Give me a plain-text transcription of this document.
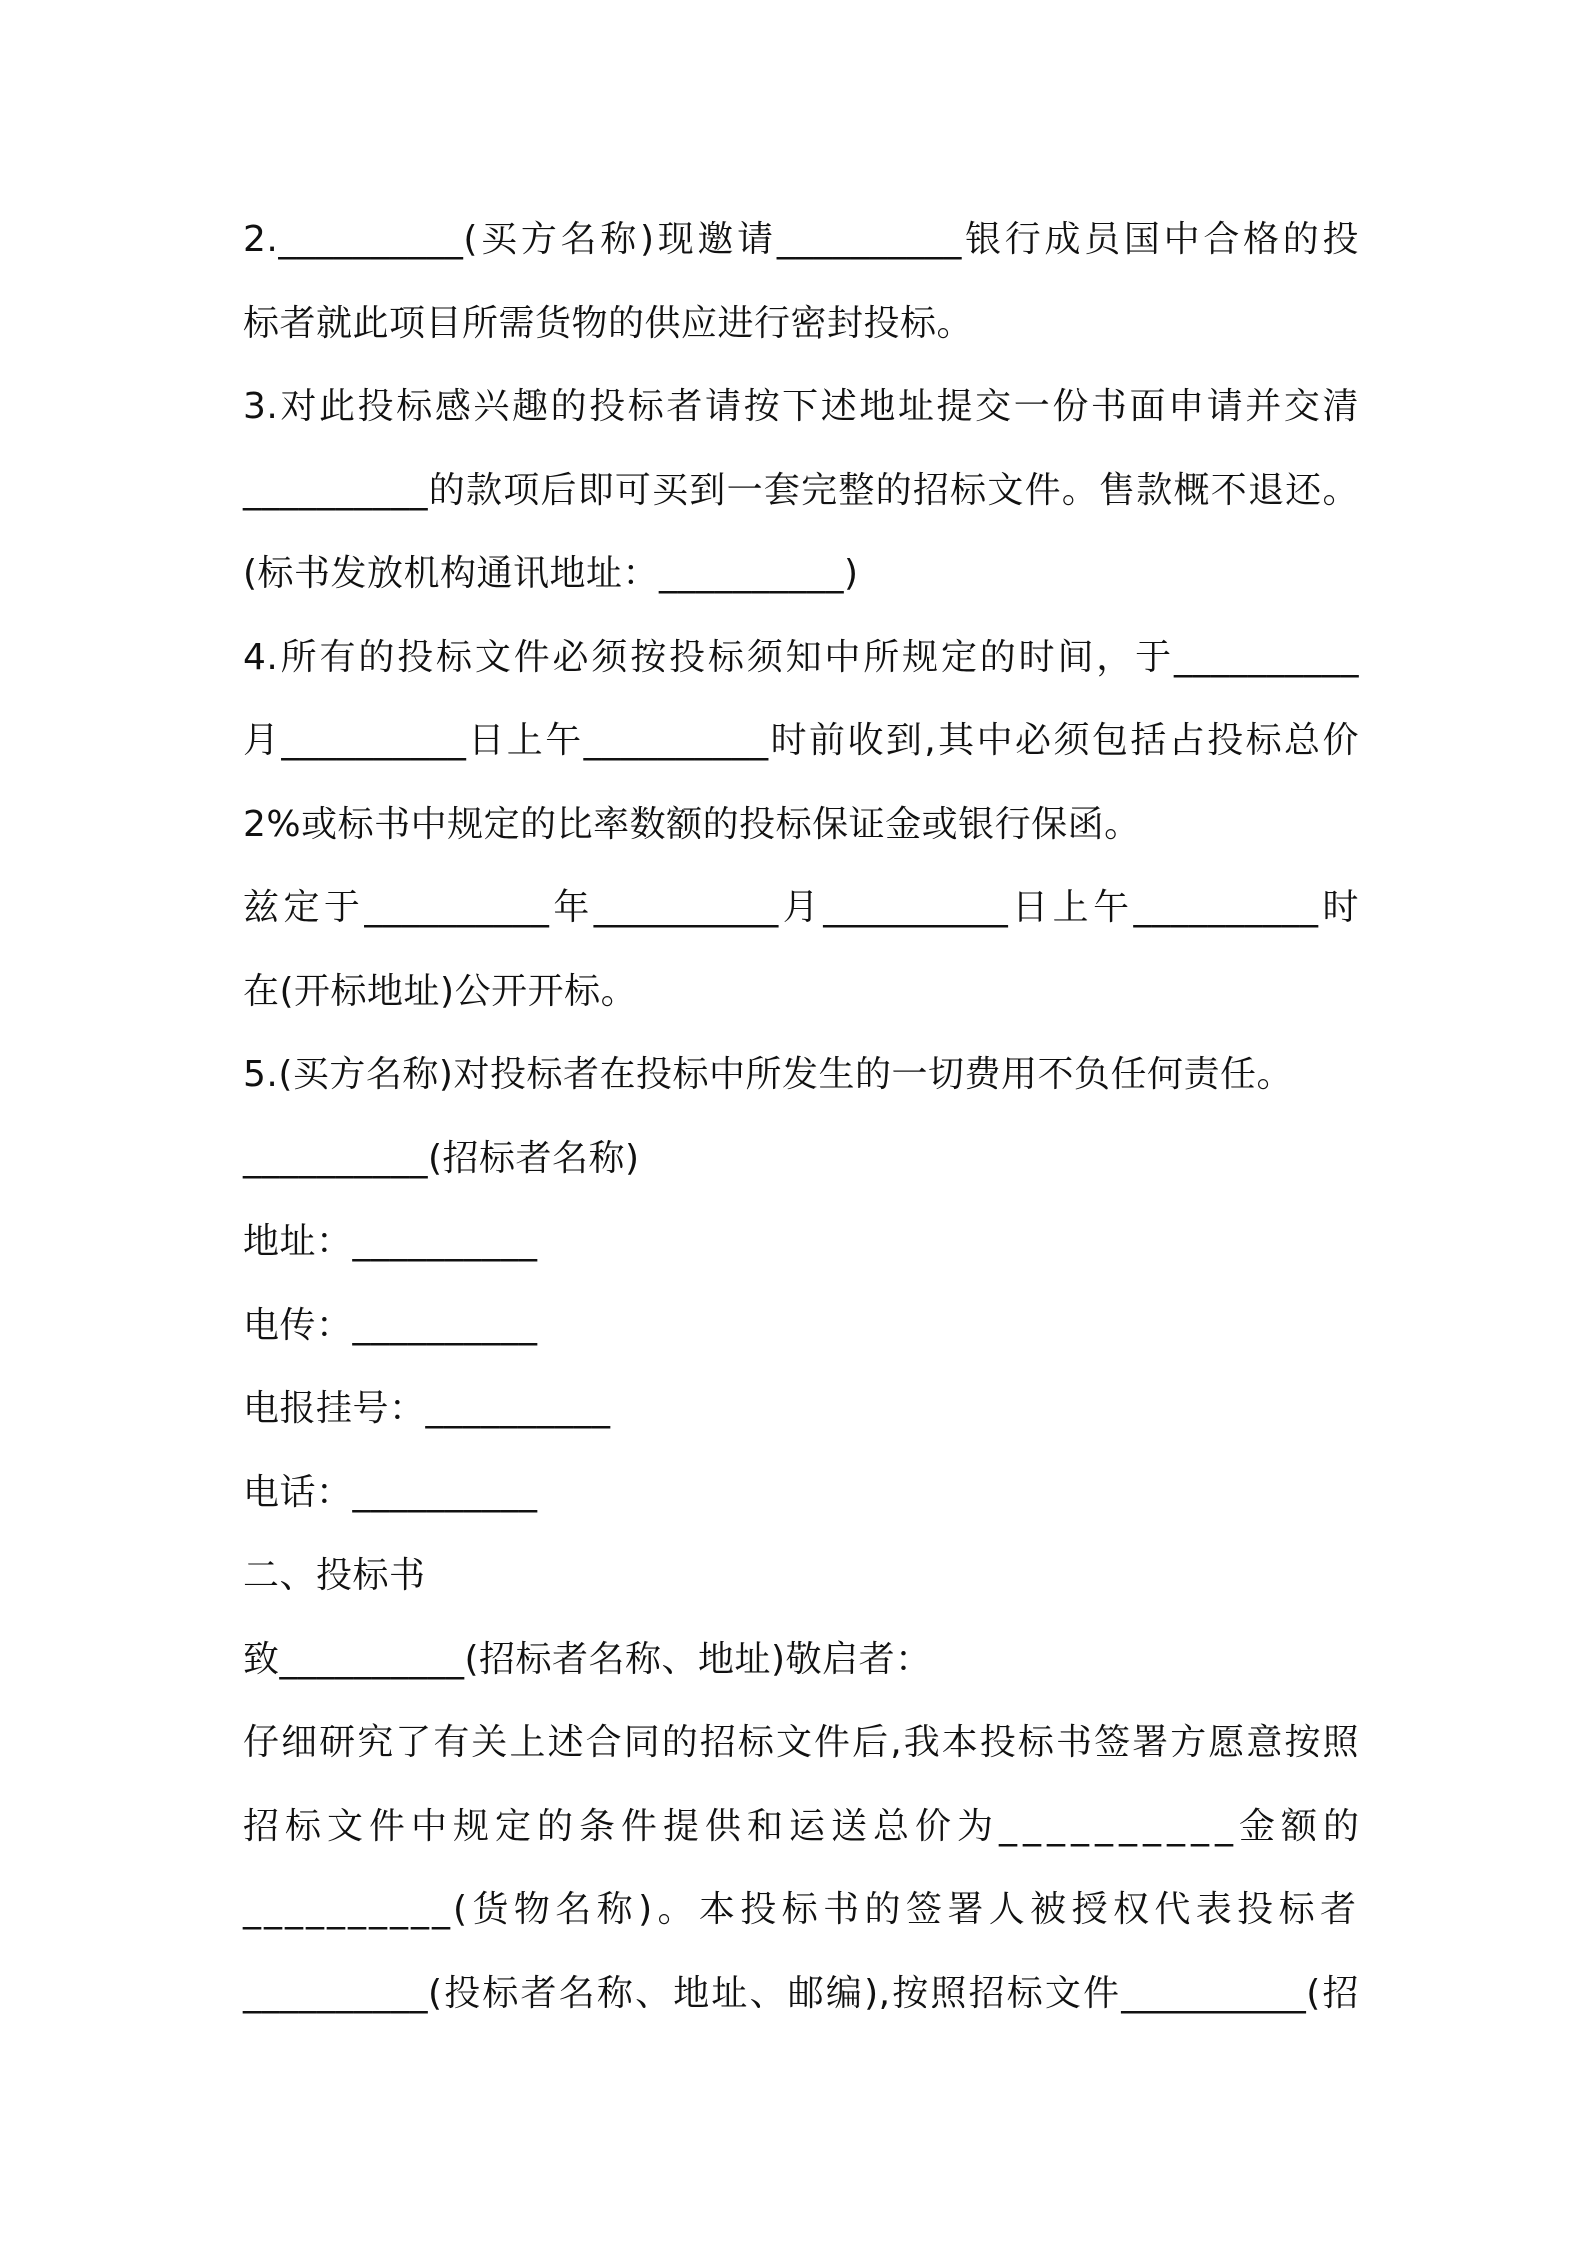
2.__________(买方名称)现邀请__________银行成员国中合格的投
标者就此项目所需货物的供应进行密封投标。
3.对此投标感兴趣的投标者请按下述地址提交一份书面申请并交清
__________的款项后即可买到一套完整的招标文件。售款概不退还。
(标书发放机构通讯地址：__________)
4.所有的投标文件必须按投标须知中所规定的时间，于__________
月__________日上午__________时前收到,其中必须包括占投标总价
2%或标书中规定的比率数额的投标保证金或银行保函。
兹定于__________年__________月__________日上午__________时
在(开标地址)公开开标。
5.(买方名称)对投标者在投标中所发生的一切费用不负任何责任。
__________(招标者名称)
地址：__________
电传：__________
电报挂号：__________
电话：__________
二、投标书
致__________(招标者名称、地址)敬启者：
仔细研究了有关上述合同的招标文件后,我本投标书签署方愿意按照
招标文件中规定的条件提供和运送总价为__________金额的
__________(货物名称)。本投标书的签署人被授权代表投标者
__________(投标者名称、地址、邮编),按照招标文件__________(招
